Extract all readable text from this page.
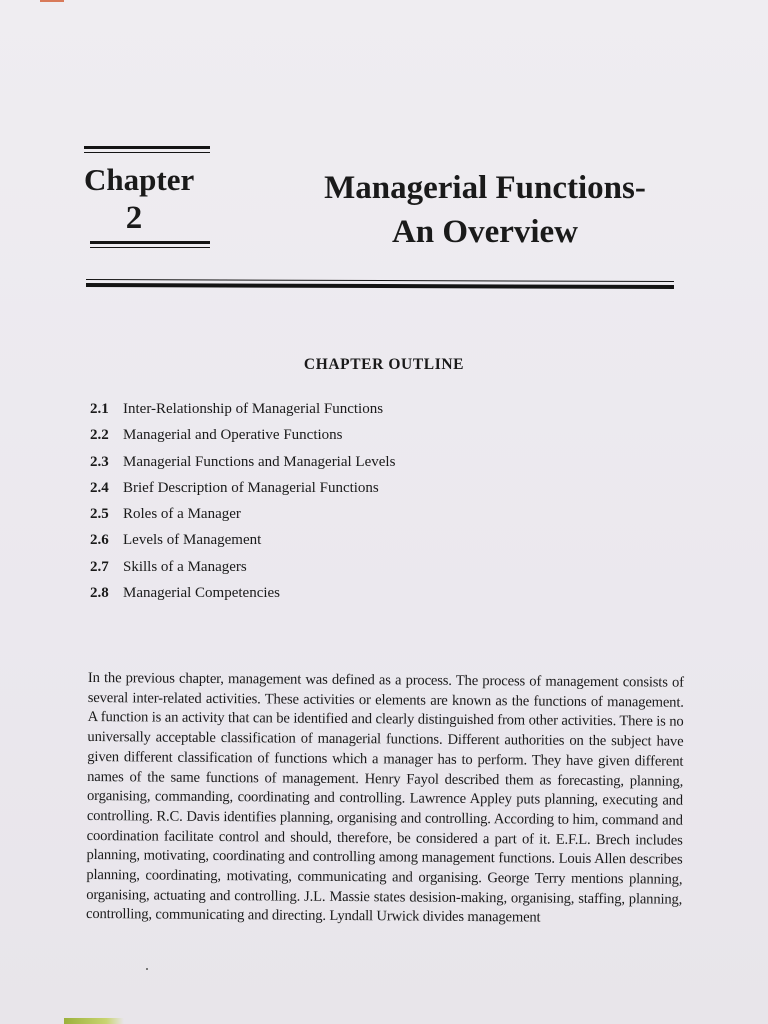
Chapter
2
Managerial Functions-
An Overview
CHAPTER OUTLINE
2.1 Inter-Relationship of Managerial Functions
2.2 Managerial and Operative Functions
2.3 Managerial Functions and Managerial Levels
2.4 Brief Description of Managerial Functions
2.5 Roles of a Manager
2.6 Levels of Management
2.7 Skills of a Managers
2.8 Managerial Competencies

In the previous chapter, management was defined as a process. The process of management consists of several inter-related activities. These activities or elements are known as the functions of management. A function is an activity that can be identified and clearly distinguished from other activities. There is no universally acceptable classification of managerial functions. Different authorities on the subject have given different classification of functions which a manager has to perform. They have given different names of the same functions of management. Henry Fayol described them as forecasting, planning, organising, commanding, coordinating and controlling. Lawrence Appley puts planning, executing and controlling. R.C. Davis identifies planning, organising and controlling. According to him, command and coordination facilitate control and should, therefore, be considered a part of it. E.F.L. Brech includes planning, motivating, coordinating and controlling among management functions. Louis Allen describes planning, coordinating, motivating, communicating and organising. George Terry mentions planning, organising, actuating and controlling. J.L. Massie states desision-making, organising, staffing, planning, controlling, communicating and directing. Lyndall Urwick divides management
